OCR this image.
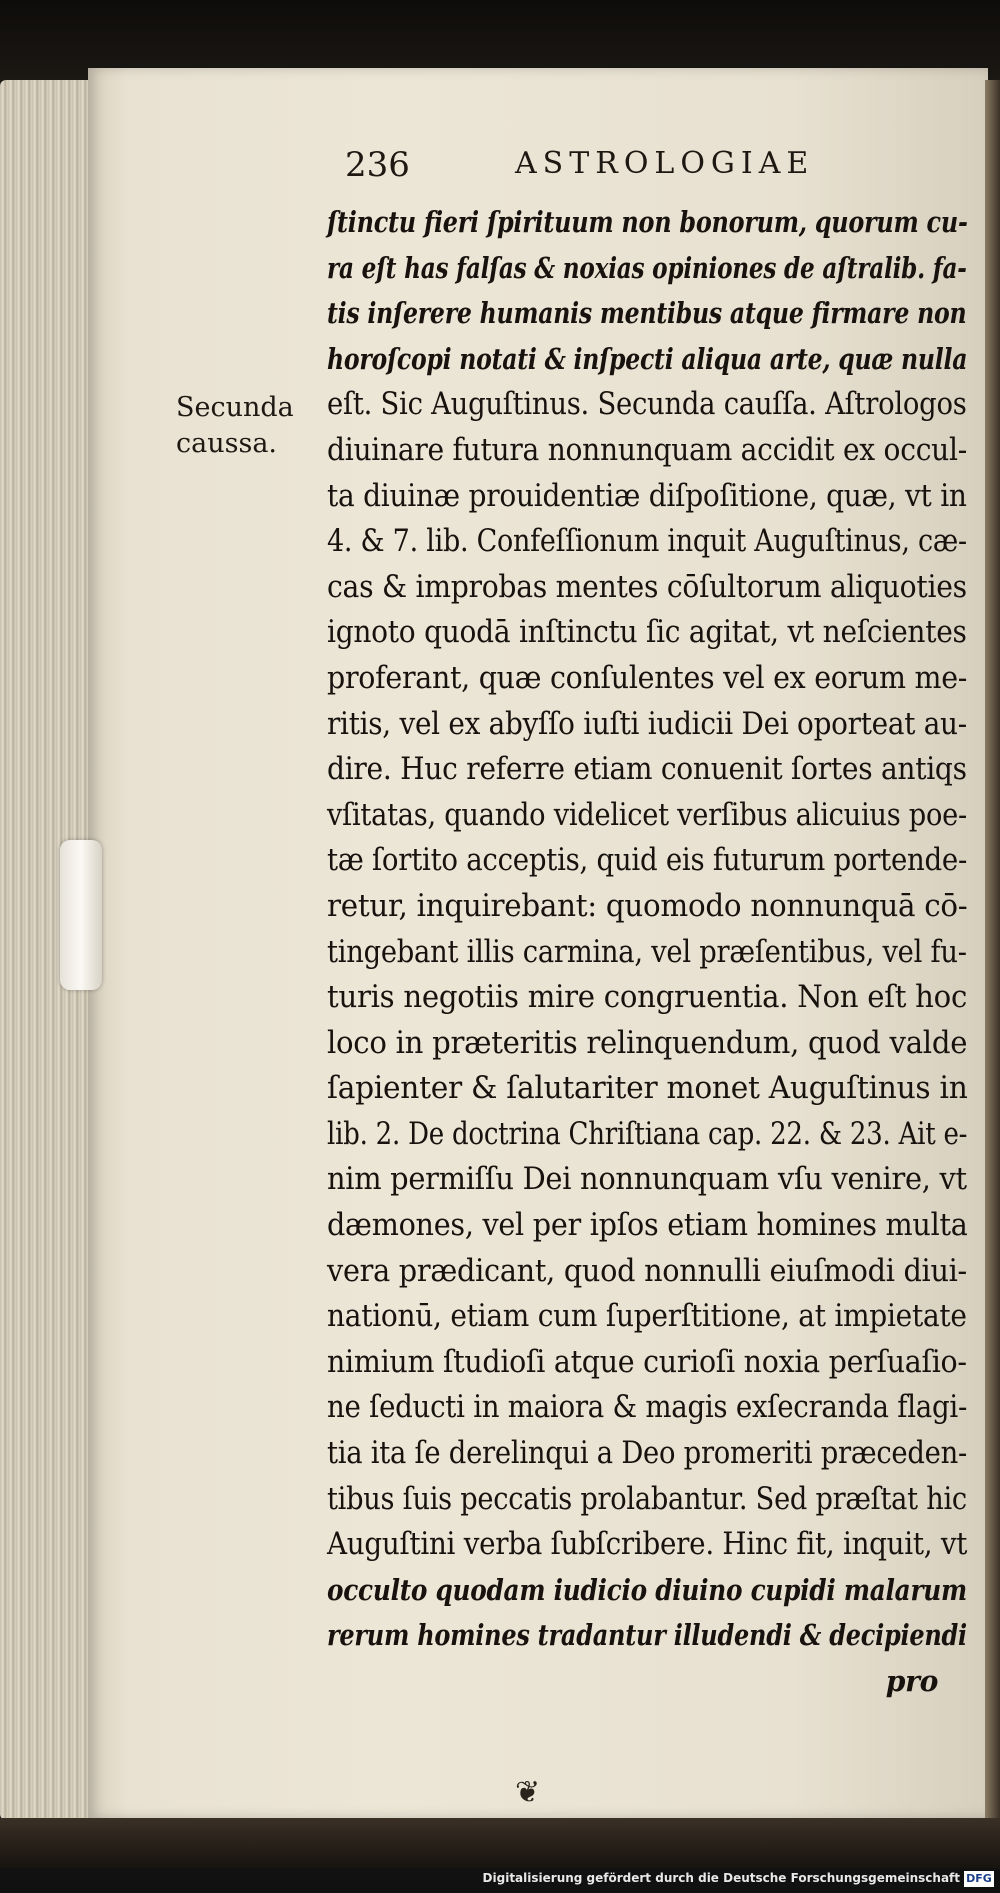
236	ASTROLOGIAE
Secunda
caussa.
ſtinctu fieri ſpirituum non bonorum, quorum cu-
ra eſt has falſas & noxias opiniones de aſtralib. fa-
tis inſerere humanis mentibus atque firmare non
horoſcopi notati & inſpecti aliqua arte, quæ nulla
eſt. Sic Auguſtinus. Secunda cauſſa. Aſtrologos
diuinare futura nonnunquam accidit ex occul-
ta diuinæ prouidentiæ diſpoſitione, quæ, vt in
4. & 7. lib. Confeſſionum inquit Auguſtinus, cæ-
cas & improbas mentes cōſultorum aliquoties
ignoto quodā inſtinctu ſic agitat, vt neſcientes
proferant, quæ conſulentes vel ex eorum me-
ritis, vel ex abyſſo iuſti iudicii Dei oporteat au-
dire. Huc referre etiam conuenit ſortes antiqs
vſitatas, quando videlicet verſibus alicuius poe-
tæ ſortito acceptis, quid eis futurum portende-
retur, inquirebant: quomodo nonnunquā cō-
tingebant illis carmina, vel præſentibus, vel fu-
turis negotiis mire congruentia. Non eſt hoc
loco in præteritis relinquendum, quod valde
ſapienter & ſalutariter monet Auguſtinus in
lib. 2. De doctrina Chriſtiana cap. 22. & 23. Ait e-
nim permiſſu Dei nonnunquam vſu venire, vt
dæmones, vel per ipſos etiam homines multa
vera prædicant, quod nonnulli eiuſmodi diui-
nationū, etiam cum ſuperſtitione, at impietate
nimium ſtudioſi atque curioſi noxia perſuaſio-
ne ſeducti in maiora & magis exſecranda flagi-
tia ita ſe derelinqui a Deo promeriti præceden-
tibus ſuis peccatis prolabantur. Sed præſtat hic
Auguſtini verba ſubſcribere. Hinc fit, inquit, vt
occulto quodam iudicio diuino cupidi malarum
rerum homines tradantur illudendi & decipiendi
pro
❦
Digitalisierung gefördert durch die Deutsche Forschungsgemeinschaft DFG
